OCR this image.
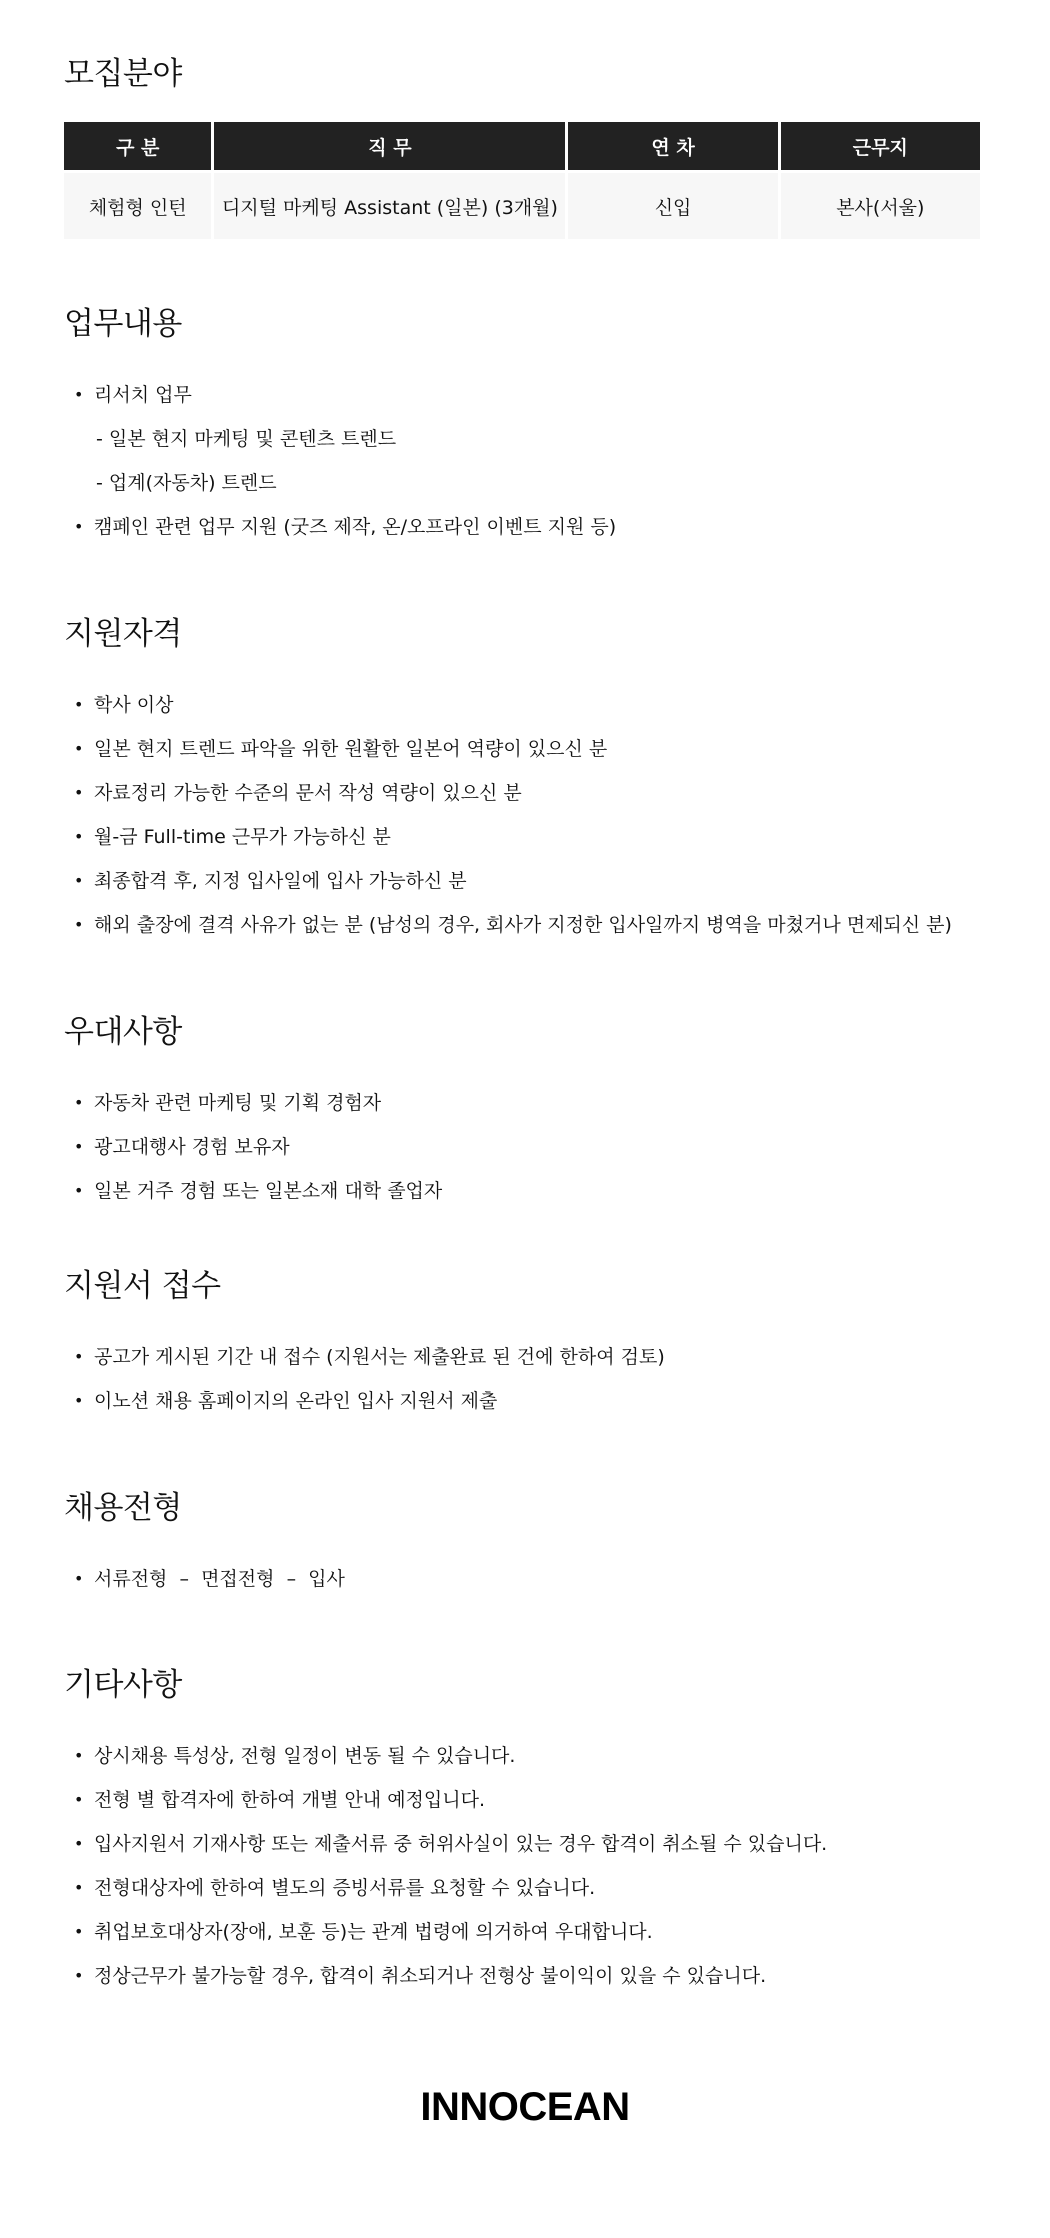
모집분야
구 분	직 무	연 차	근무지
체험형 인턴	디지털 마케팅 Assistant (일본) (3개월)	신입	본사(서울)
업무내용
• 리서치 업무
- 일본 현지 마케팅 및 콘텐츠 트렌드
- 업계(자동차) 트렌드
• 캠페인 관련 업무 지원 (굿즈 제작, 온/오프라인 이벤트 지원 등)
지원자격
• 학사 이상
• 일본 현지 트렌드 파악을 위한 원활한 일본어 역량이 있으신 분
• 자료정리 가능한 수준의 문서 작성 역량이 있으신 분
• 월-금 Full-time 근무가 가능하신 분
• 최종합격 후, 지정 입사일에 입사 가능하신 분
• 해외 출장에 결격 사유가 없는 분 (남성의 경우, 회사가 지정한 입사일까지 병역을 마쳤거나 면제되신 분)
우대사항
• 자동차 관련 마케팅 및 기획 경험자
• 광고대행사 경험 보유자
• 일본 거주 경험 또는 일본소재 대학 졸업자
지원서 접수
• 공고가 게시된 기간 내 접수 (지원서는 제출완료 된 건에 한하여 검토)
• 이노션 채용 홈페이지의 온라인 입사 지원서 제출
채용전형
• 서류전형  –  면접전형  –  입사
기타사항
• 상시채용 특성상, 전형 일정이 변동 될 수 있습니다.
• 전형 별 합격자에 한하여 개별 안내 예정입니다.
• 입사지원서 기재사항 또는 제출서류 중 허위사실이 있는 경우 합격이 취소될 수 있습니다.
• 전형대상자에 한하여 별도의 증빙서류를 요청할 수 있습니다.
• 취업보호대상자(장애, 보훈 등)는 관계 법령에 의거하여 우대합니다.
• 정상근무가 불가능할 경우, 합격이 취소되거나 전형상 불이익이 있을 수 있습니다.
INNOCEAN
